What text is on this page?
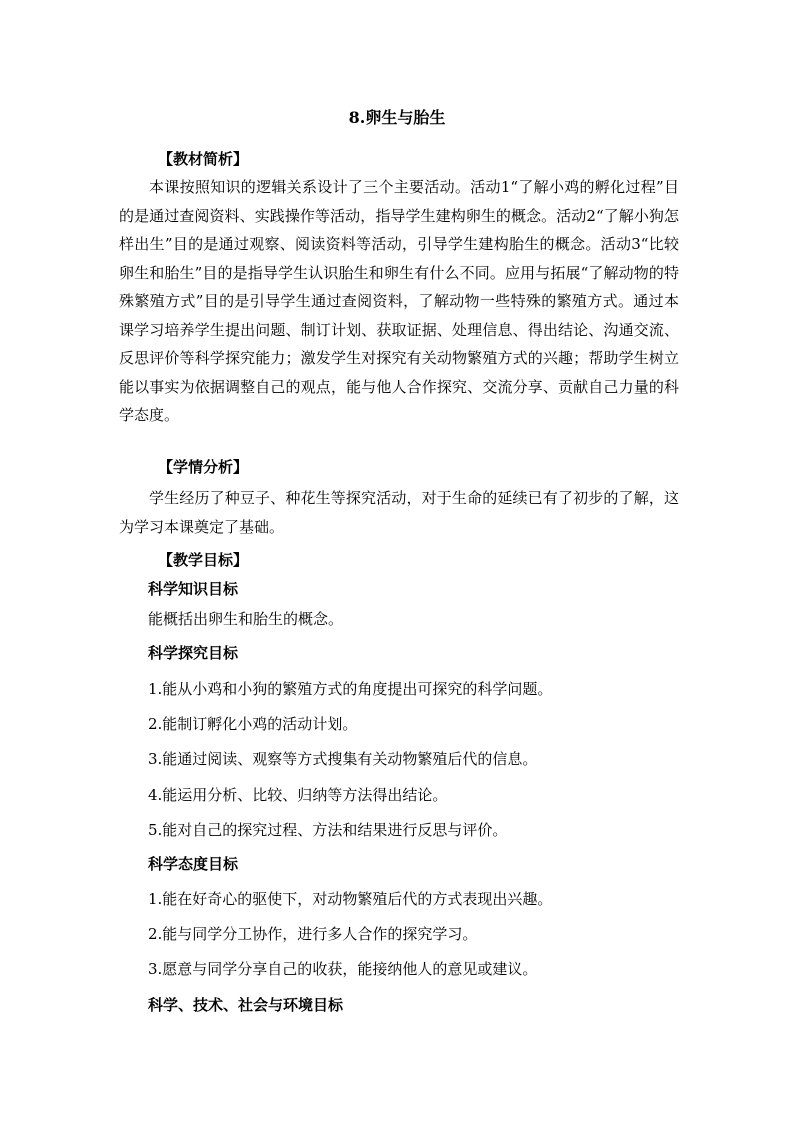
8.卵生与胎生
【教材简析】

本课按照知识的逻辑关系设计了三个主要活动。活动1“了解小鸡的孵化过程”目的是通过查阅资料、实践操作等活动，指导学生建构卵生的概念。活动2“了解小狗怎样出生”目的是通过观察、阅读资料等活动，引导学生建构胎生的概念。活动3“比较卵生和胎生”目的是指导学生认识胎生和卵生有什么不同。应用与拓展“了解动物的特殊繁殖方式”目的是引导学生通过查阅资料，了解动物一些特殊的繁殖方式。通过本课学习培养学生提出问题、制订计划、获取证据、处理信息、得出结论、沟通交流、反思评价等科学探究能力；激发学生对探究有关动物繁殖方式的兴趣；帮助学生树立能以事实为依据调整自己的观点，能与他人合作探究、交流分享、贡献自己力量的科学态度。

【学情分析】

学生经历了种豆子、种花生等探究活动，对于生命的延续已有了初步的了解，这为学习本课奠定了基础。

【教学目标】
科学知识目标
能概括出卵生和胎生的概念。
科学探究目标
1.能从小鸡和小狗的繁殖方式的角度提出可探究的科学问题。
2.能制订孵化小鸡的活动计划。
3.能通过阅读、观察等方式搜集有关动物繁殖后代的信息。
4.能运用分析、比较、归纳等方法得出结论。
5.能对自己的探究过程、方法和结果进行反思与评价。
科学态度目标
1.能在好奇心的驱使下，对动物繁殖后代的方式表现出兴趣。
2.能与同学分工协作，进行多人合作的探究学习。
3.愿意与同学分享自己的收获，能接纳他人的意见或建议。
科学、技术、社会与环境目标
